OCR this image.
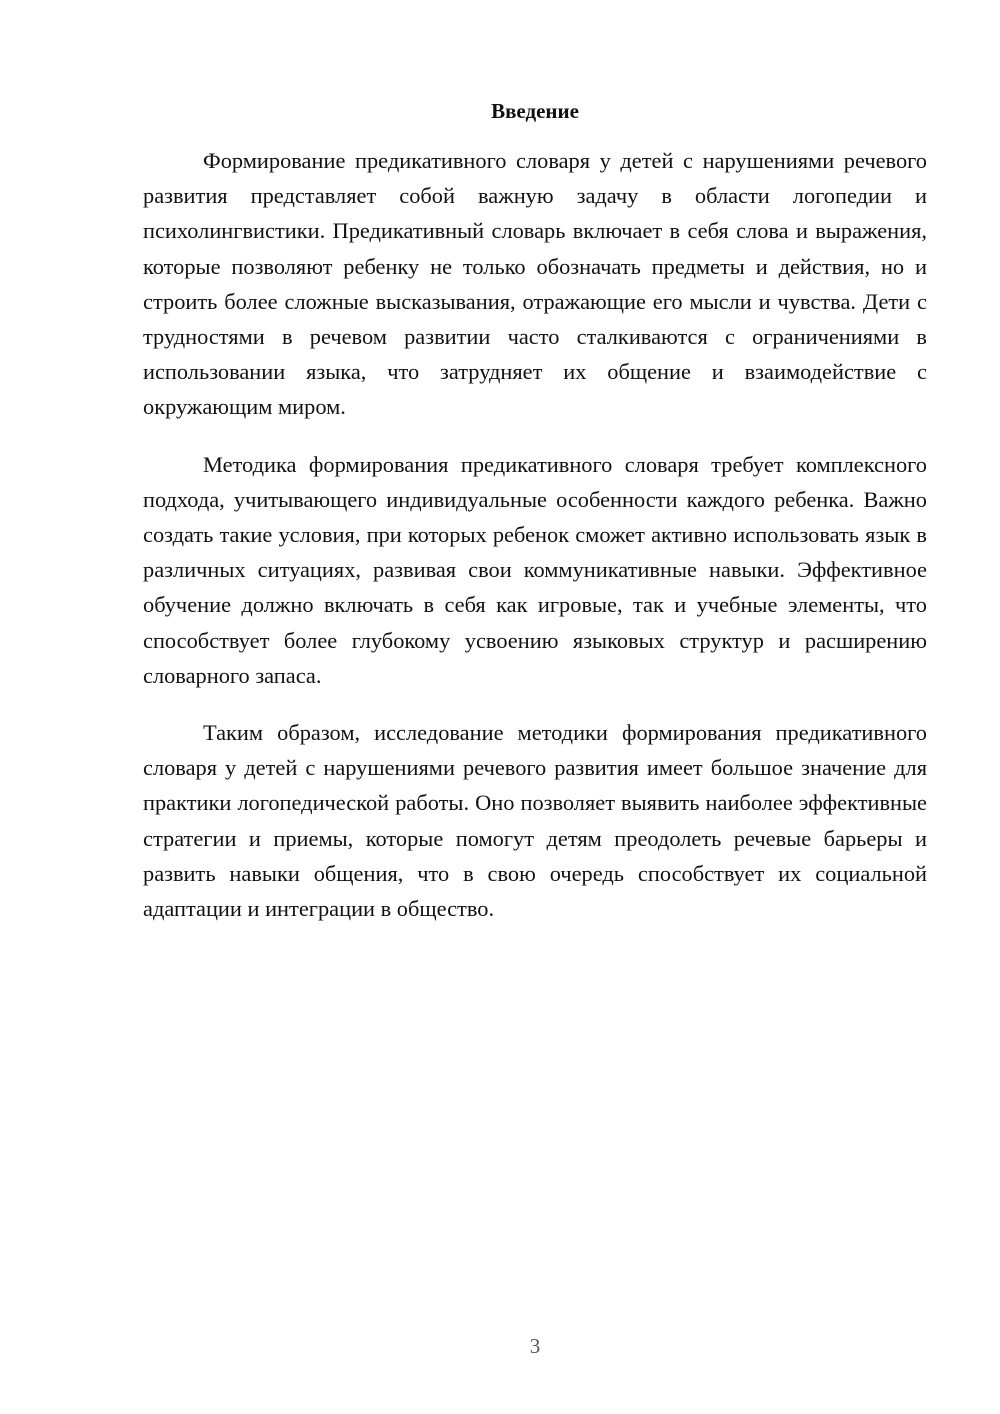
Введение

Формирование предикативного словаря у детей с нарушениями речевого развития представляет собой важную задачу в области логопедии и психолингвистики. Предикативный словарь включает в себя слова и выражения, которые позволяют ребенку не только обозначать предметы и действия, но и строить более сложные высказывания, отражающие его мысли и чувства. Дети с трудностями в речевом развитии часто сталкиваются с ограничениями в использовании языка, что затрудняет их общение и взаимодействие с окружающим миром.

Методика формирования предикативного словаря требует комплексного подхода, учитывающего индивидуальные особенности каждого ребенка. Важно создать такие условия, при которых ребенок сможет активно использовать язык в различных ситуациях, развивая свои коммуникативные навыки. Эффективное обучение должно включать в себя как игровые, так и учебные элементы, что способствует более глубокому усвоению языковых структур и расширению словарного запаса.

Таким образом, исследование методики формирования предикативного словаря у детей с нарушениями речевого развития имеет большое значение для практики логопедической работы. Оно позволяет выявить наиболее эффективные стратегии и приемы, которые помогут детям преодолеть речевые барьеры и развить навыки общения, что в свою очередь способствует их социальной адаптации и интеграции в общество.

3
